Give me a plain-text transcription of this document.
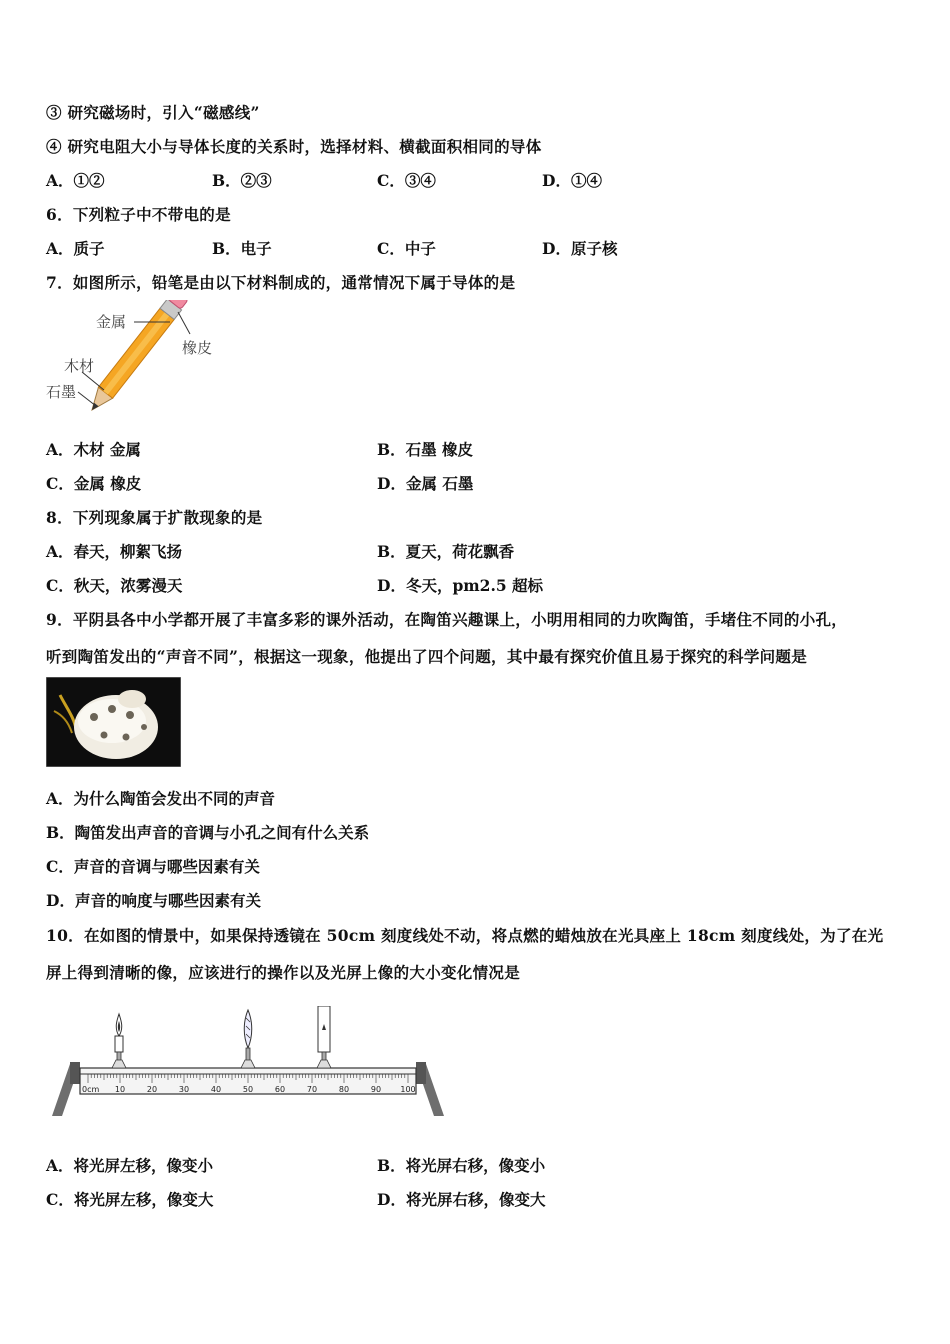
③ 研究磁场时，引入“磁感线”
④ 研究电阻大小与导体长度的关系时，选择材料、横截面积相同的导体
A．①②	B．②③	C．③④	D．①④
6．下列粒子中不带电的是
A．质子	B．电子	C．中子	D．原子核
7．如图所示，铅笔是由以下材料制成的，通常情况下属于导体的是
金属
橡皮
木材
石墨
A．木材 金属	B．石墨 橡皮
C．金属 橡皮	D．金属 石墨
8．下列现象属于扩散现象的是
A．春天，柳絮飞扬	B．夏天，荷花飘香
C．秋天，浓雾漫天	D．冬天，pm2.5 超标
9．平阴县各中小学都开展了丰富多彩的课外活动，在陶笛兴趣课上，小明用相同的力吹陶笛，手堵住不同的小孔，
听到陶笛发出的“声音不同”，根据这一现象，他提出了四个问题，其中最有探究价值且易于探究的科学问题是
A．为什么陶笛会发出不同的声音
B．陶笛发出声音的音调与小孔之间有什么关系
C．声音的音调与哪些因素有关
D．声音的响度与哪些因素有关
10．在如图的情景中，如果保持透镜在 50cm 刻度线处不动，将点燃的蜡烛放在光具座上 18cm 刻度线处，为了在光
屏上得到清晰的像，应该进行的操作以及光屏上像的大小变化情况是
0cm 10	20	30	40	50	60	70	80	90 100
A．将光屏左移，像变小	B．将光屏右移，像变小
C．将光屏左移，像变大	D．将光屏右移，像变大
